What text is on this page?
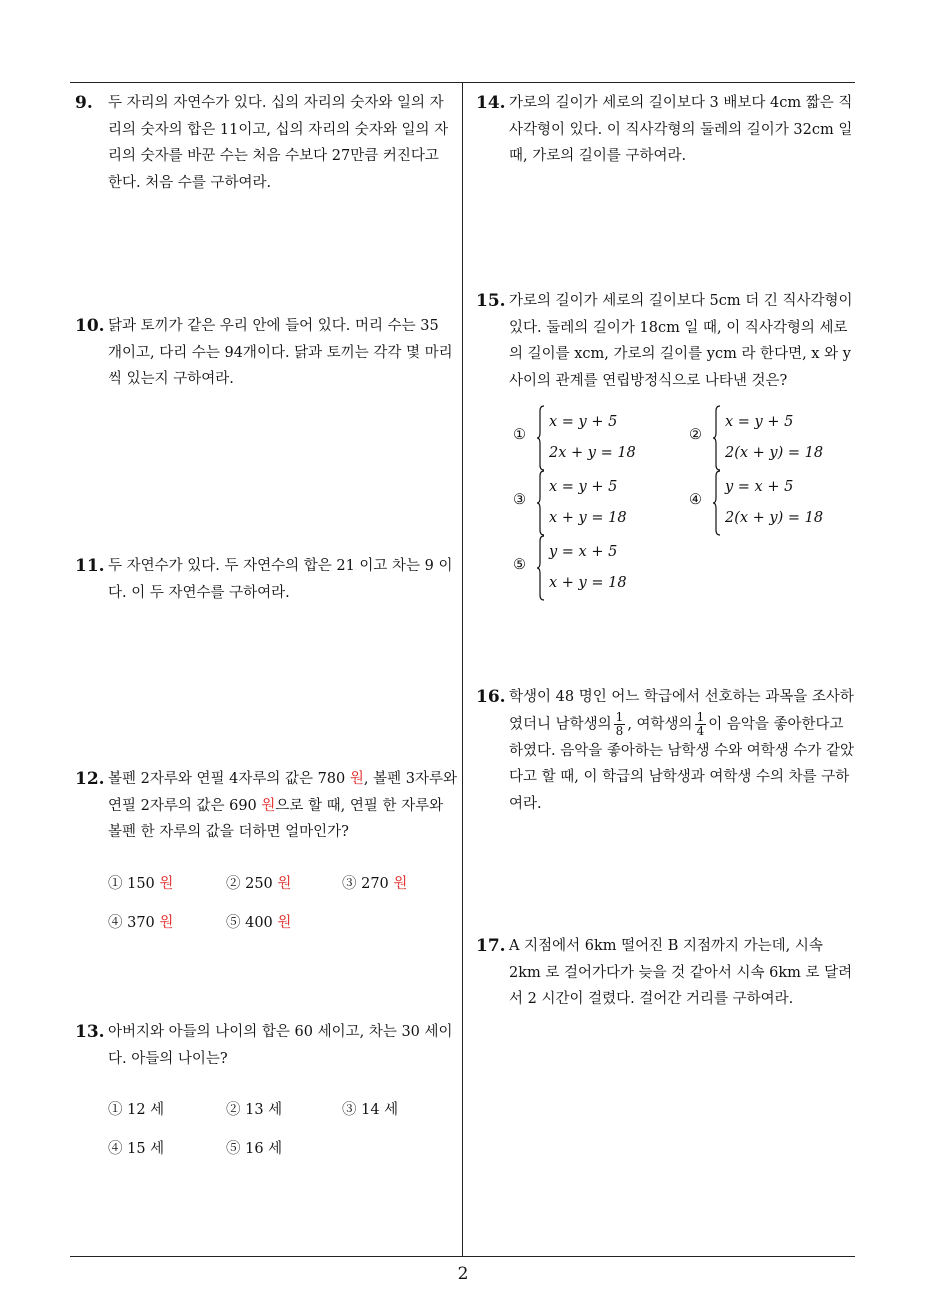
9. 두 자리의 자연수가 있다. 십의 자리의 숫자와 일의 자리의 숫자의 합은 11이고, 십의 자리의 숫자와 일의 자리의 숫자를 바꾼 수는 처음 수보다 27만큼 커진다고 한다. 처음 수를 구하여라.
10. 닭과 토끼가 같은 우리 안에 들어 있다. 머리 수는 35 개이고, 다리 수는 94개이다. 닭과 토끼는 각각 몇 마리씩 있는지 구하여라.
11. 두 자연수가 있다. 두 자연수의 합은 21 이고 차는 9 이다. 이 두 자연수를 구하여라.
12. 볼펜 2자루와 연필 4자루의 값은 780 원, 볼펜 3자루와 연필 2자루의 값은 690 원으로 할 때, 연필 한 자루와 볼펜 한 자루의 값을 더하면 얼마인가?
① 150 원	② 250 원	③ 270 원
④ 370 원	⑤ 400 원
13. 아버지와 아들의 나이의 합은 60 세이고, 차는 30 세이다. 아들의 나이는?
① 12 세	② 13 세	③ 14 세
④ 15 세	⑤ 16 세
14. 가로의 길이가 세로의 길이보다 3 배보다 4cm 짧은 직사각형이 있다. 이 직사각형의 둘레의 길이가 32cm 일 때, 가로의 길이를 구하여라.
15. 가로의 길이가 세로의 길이보다 5cm 더 긴 직사각형이 있다. 둘레의 길이가 18cm 일 때, 이 직사각형의 세로의 길이를 xcm, 가로의 길이를 ycm 라 한다면, x 와 y 사이의 관계를 연립방정식으로 나타낸 것은?
①
x = y + 5
2x + y = 18
②
x = y + 5
2(x + y) = 18
③
x = y + 5
x + y = 18
④
y = x + 5
2(x + y) = 18
⑤
y = x + 5
x + y = 18
16. 학생이 48 명인 어느 학급에서 선호하는 과목을 조사하였더니 남학생의 $\frac{1}{8}$ , 여학생의 $\frac{1}{4}$ 이 음악을 좋아한다고 하였다. 음악을 좋아하는 남학생 수와 여학생 수가 같았다고 할 때, 이 학급의 남학생과 여학생 수의 차를 구하여라.
17. A 지점에서 6km 떨어진 B 지점까지 가는데, 시속 2km 로 걸어가다가 늦을 것 같아서 시속 6km 로 달려서 2 시간이 걸렸다. 걸어간 거리를 구하여라.
2
